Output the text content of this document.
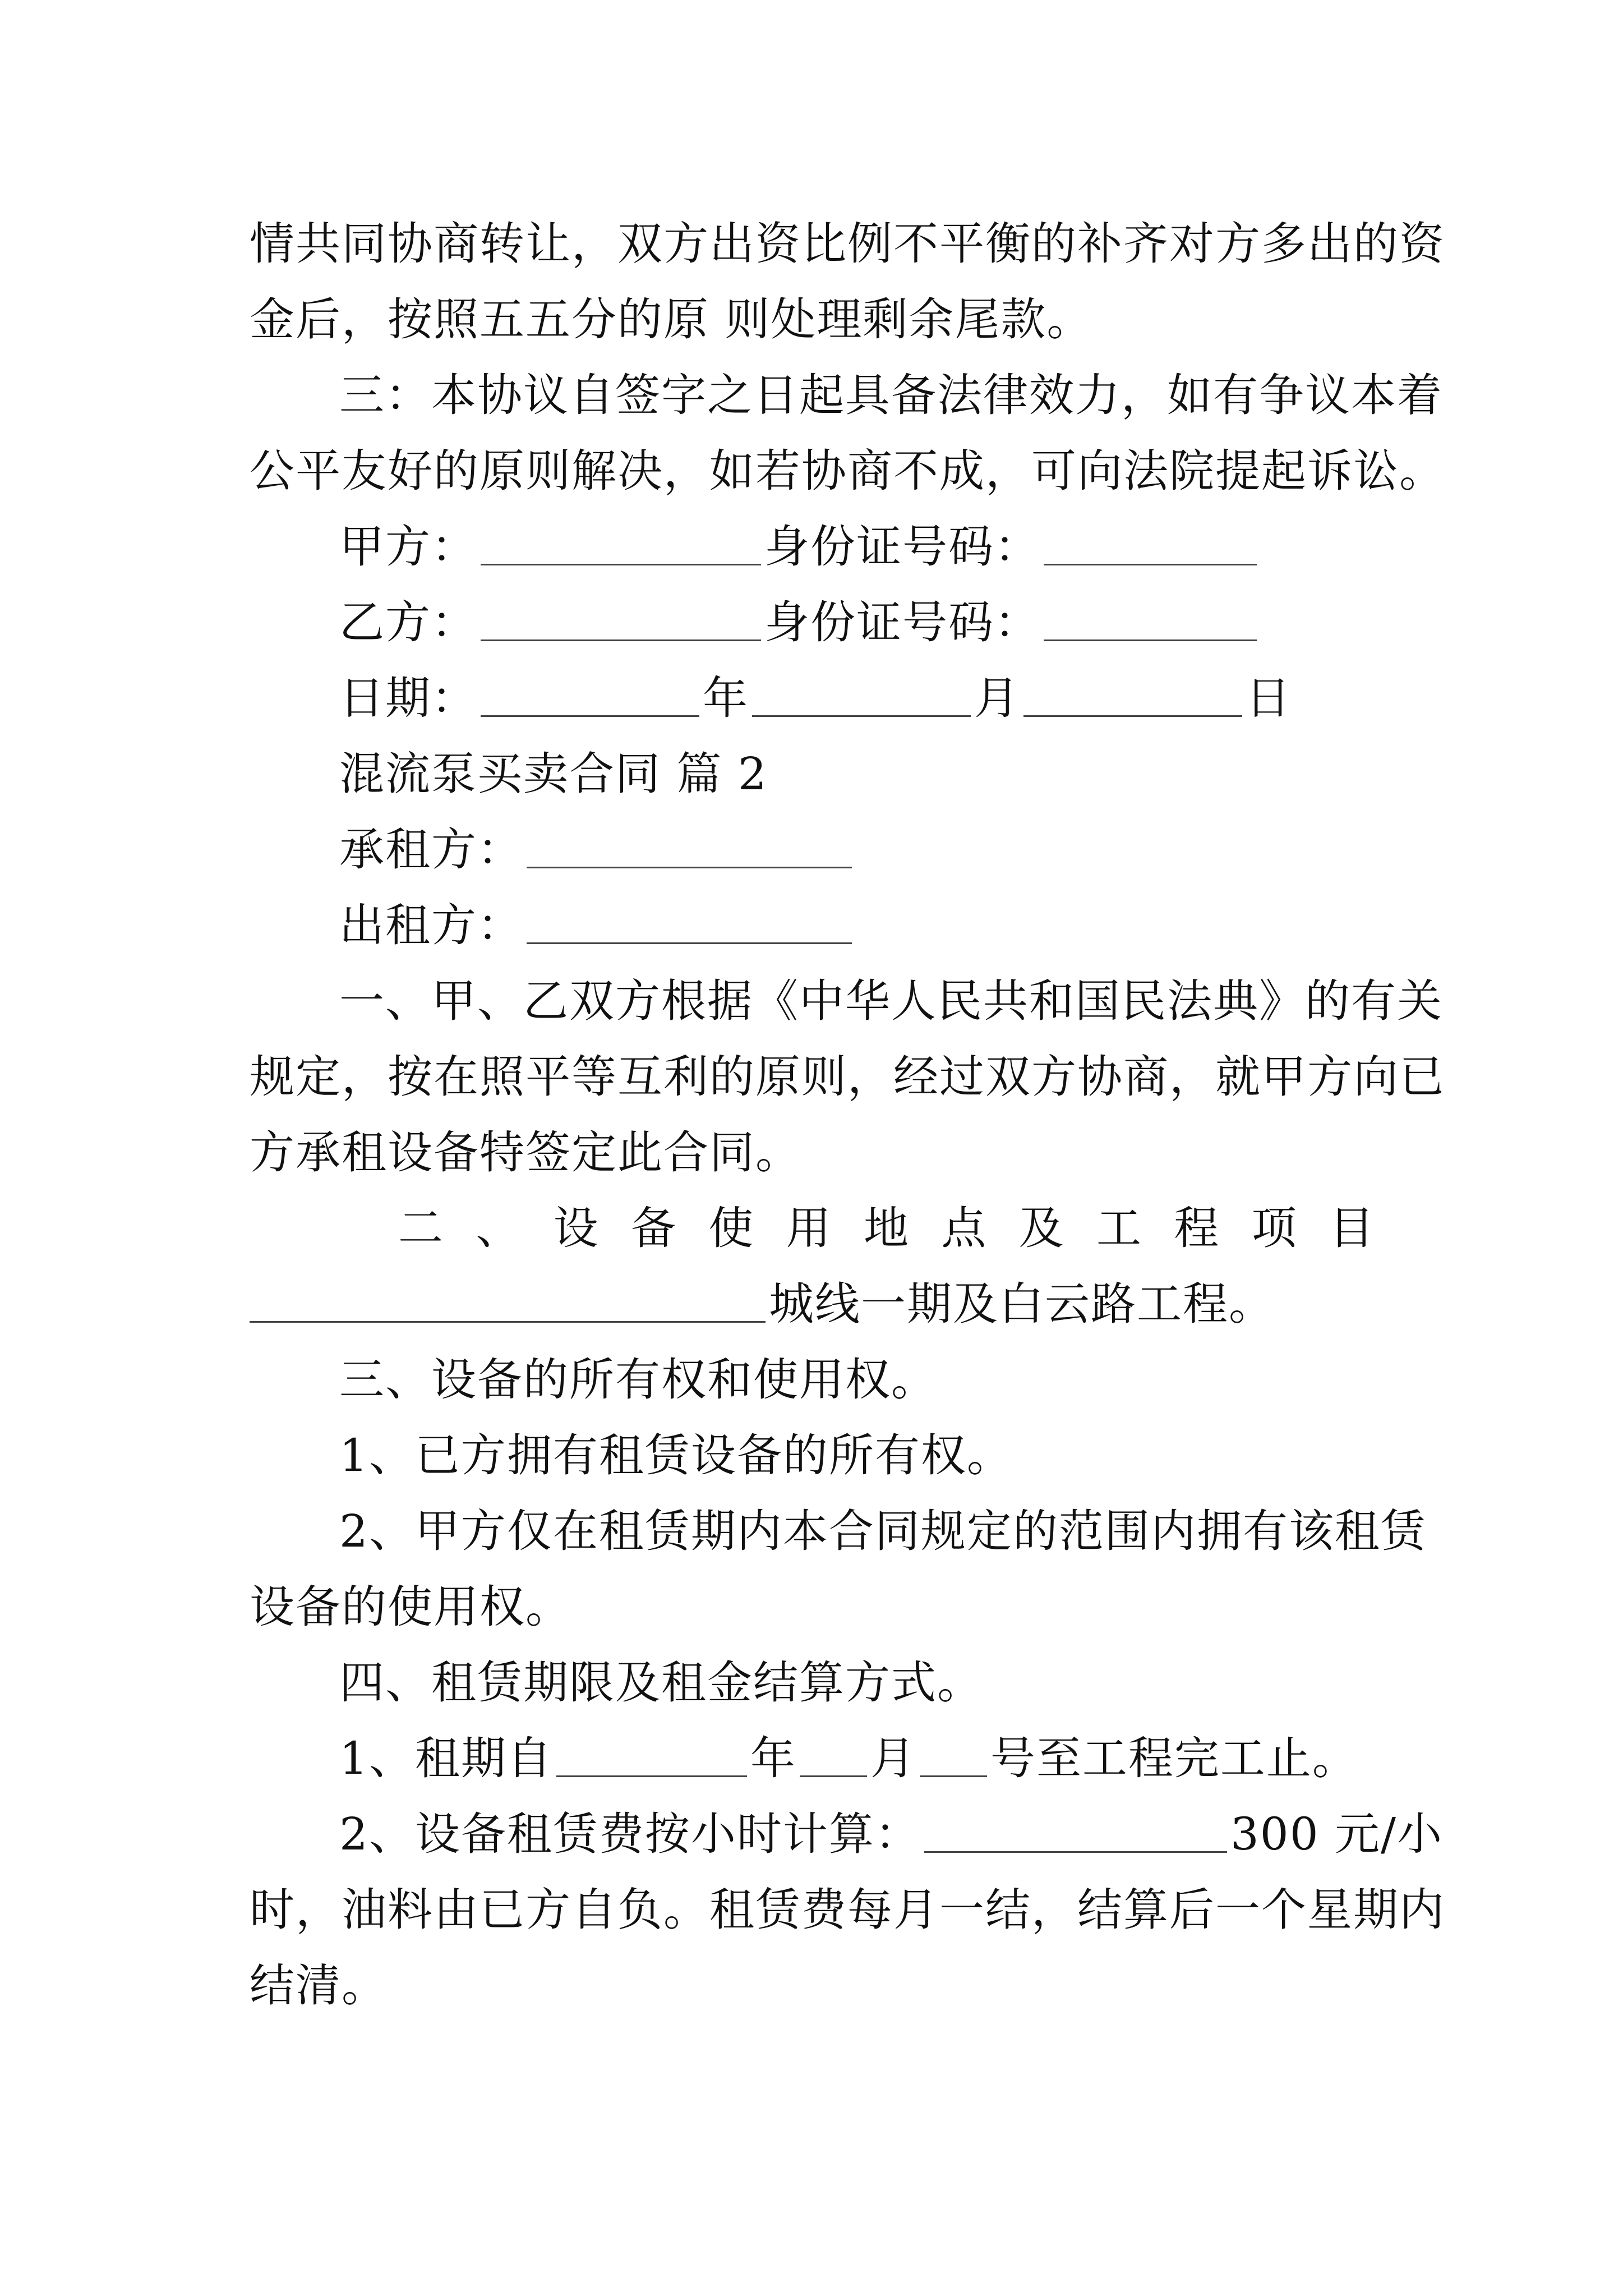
情共同协商转让，双方出资比例不平衡的补齐对方多出的资
金后，按照五五分的原 则处理剩余尾款。
三：本协议自签字之日起具备法律效力，如有争议本着
公平友好的原则解决，如若协商不成，可向法院提起诉讼。
甲方：	身份证号码：
乙方：	身份证号码：
日期：	年	月	日
混流泵买卖合同 篇 2
承租方：
出租方：
一、甲、乙双方根据《中华人民共和国民法典》的有关
规定，按在照平等互利的原则，经过双方协商，就甲方向已
方承租设备特签定此合同。
二 、 设 备 使 用 地 点 及 工 程 项 目
城线一期及白云路工程。
三、设备的所有权和使用权。
1、已方拥有租赁设备的所有权。
2、甲方仅在租赁期内本合同规定的范围内拥有该租赁
设备的使用权。
四、租赁期限及租金结算方式。
1、租期自	年 月 号至工程完工止。
2、设备租赁费按小时计算：	300 元/小
时，油料由已方自负。租赁费每月一结，结算后一个星期内
结清。
